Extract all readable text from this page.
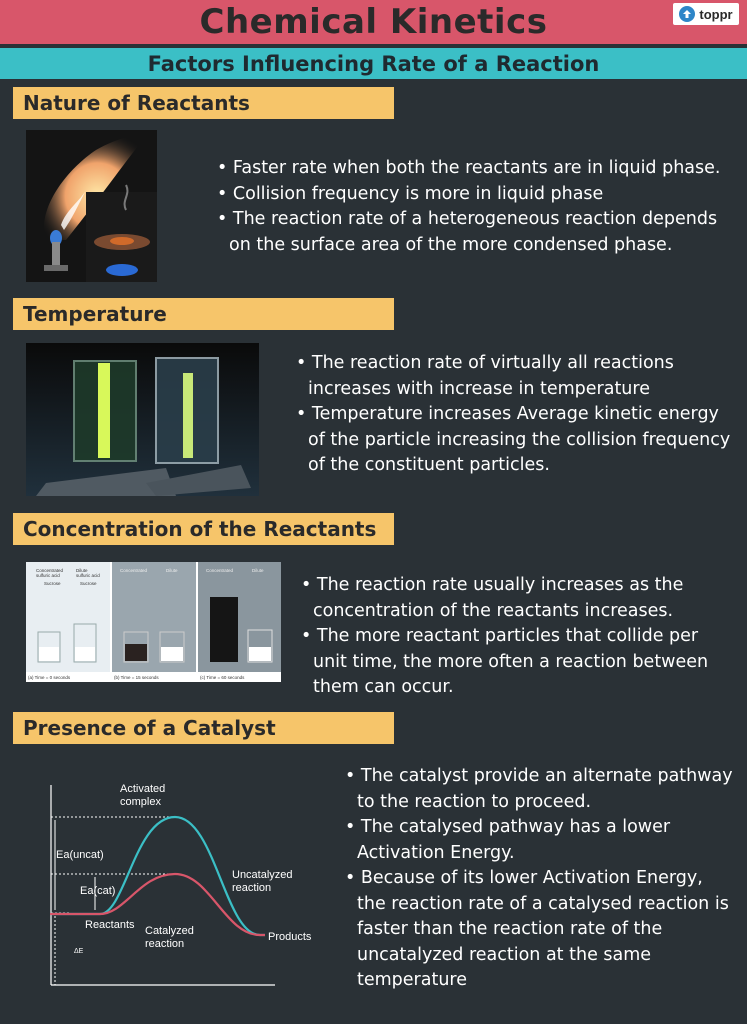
Chemical Kinetics	toppr
Factors Influencing Rate of a Reaction
Nature of Reactants
• Faster rate when both the reactants are in liquid phase.
• Collision frequency is more in liquid phase
• The reaction rate of a heterogeneous reaction depends on the surface area of the more condensed phase.
Temperature
• The reaction rate of virtually all reactions increases with increase in temperature
• Temperature increases Average kinetic energy of the particle increasing the collision frequency of the constituent particles.
Concentration of the Reactants
Concentrated
sulfuric acid
Dilute
sulfuric acid
Sucrose	Sucrose
Concentrated	Dilute	Concentrated	Dilute
(a) Time = 0 seconds	(b) Time = 15 seconds	(c) Time = 60 seconds
• The reaction rate usually increases as the concentration of the reactants increases.
• The more reactant particles that collide per unit time, the more often a reaction between them can occur.
Presence of a Catalyst
Activated
complex
Ea(uncat)
Ea(cat)
Uncatalyzed
reaction
Reactants Catalyzed
reaction
Products
ΔE
• The catalyst provide an alternate pathway to the reaction to proceed.
• The catalysed pathway has a lower Activation Energy.
• Because of its lower Activation Energy, the reaction rate of a catalysed reaction is faster than the reaction rate of the uncatalyzed reaction at the same temperature
